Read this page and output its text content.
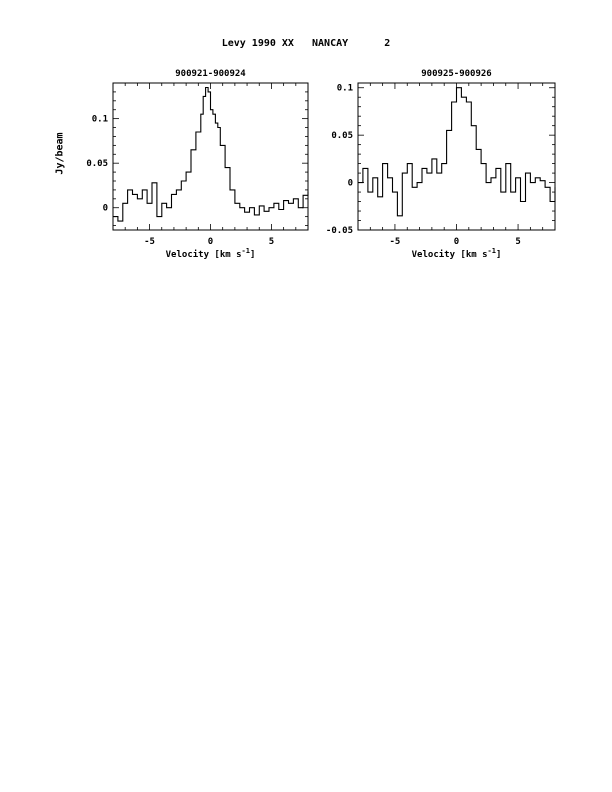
Levy 1990 XX   NANCAY      2
Jy/beam
-5	0	5
0
0.05
0.1
900921-900924
Velocity [km $s^{-1}$]
-5	0	5
-0.05
0
0.05
0.1
900925-900926
Velocity [km $s^{-1}$]
